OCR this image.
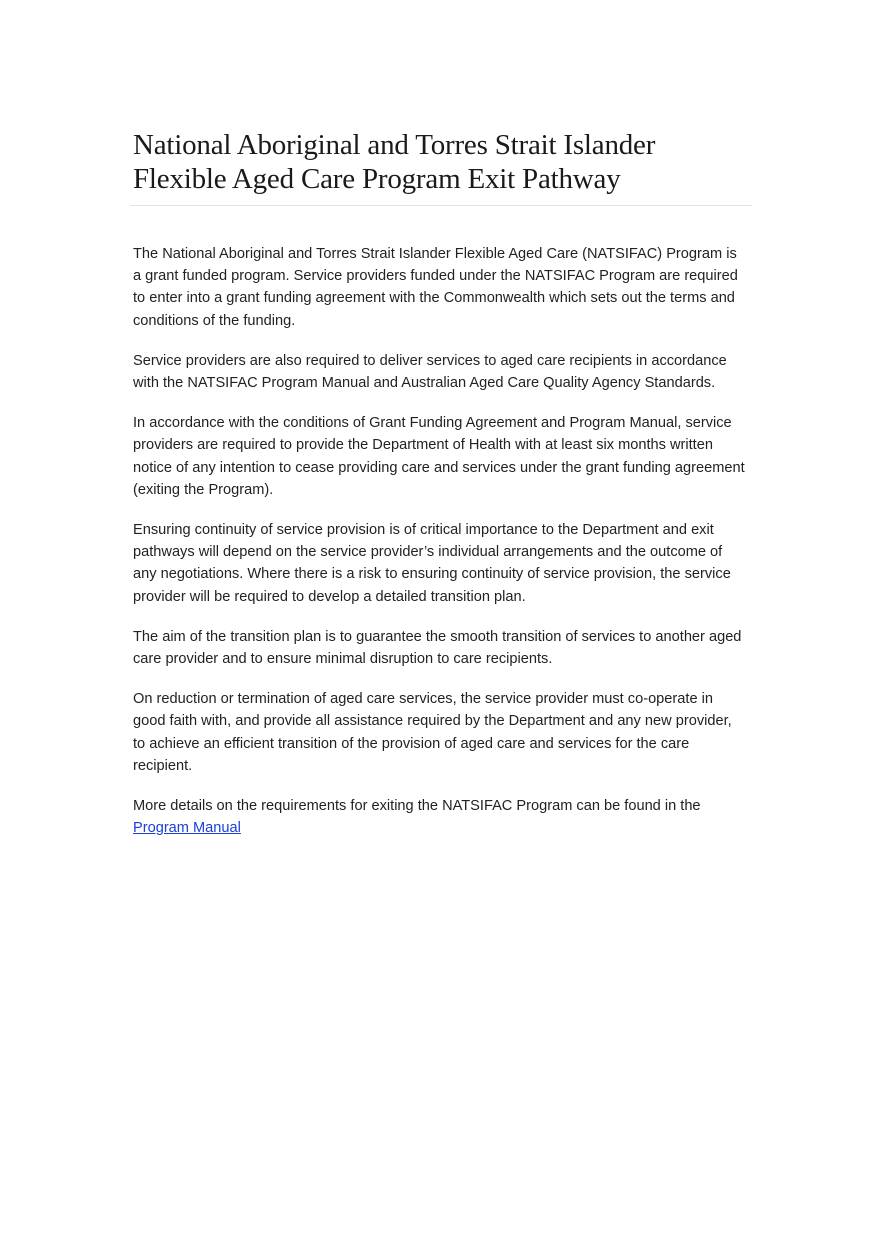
National Aboriginal and Torres Strait Islander
Flexible Aged Care Program Exit Pathway

The National Aboriginal and Torres Strait Islander Flexible Aged Care (NATSIFAC) Program is a grant funded program. Service providers funded under the NATSIFAC Program are required to enter into a grant funding agreement with the Commonwealth which sets out the terms and conditions of the funding.

Service providers are also required to deliver services to aged care recipients in accordance with the NATSIFAC Program Manual and Australian Aged Care Quality Agency Standards.

In accordance with the conditions of Grant Funding Agreement and Program Manual, service providers are required to provide the Department of Health with at least six months written notice of any intention to cease providing care and services under the grant funding agreement (exiting the Program).

Ensuring continuity of service provision is of critical importance to the Department and exit pathways will depend on the service provider’s individual arrangements and the outcome of any negotiations. Where there is a risk to ensuring continuity of service provision, the service provider will be required to develop a detailed transition plan.

The aim of the transition plan is to guarantee the smooth transition of services to another aged care provider and to ensure minimal disruption to care recipients.

On reduction or termination of aged care services, the service provider must co-operate in good faith with, and provide all assistance required by the Department and any new provider, to achieve an efficient transition of the provision of aged care and services for the care recipient.

More details on the requirements for exiting the NATSIFAC Program can be found in the
Program Manual
